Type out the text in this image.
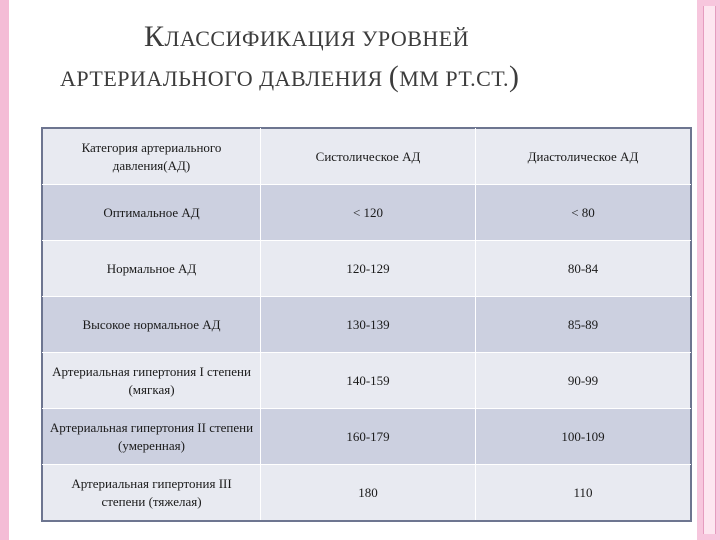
КЛАССИФИКАЦИЯ УРОВНЕЙ
АРТЕРИАЛЬНОГО ДАВЛЕНИЯ (ММ РТ.СТ.)
Категория артериального давления(АД)	Систолическое АД	Диастолическое АД
Оптимальное АД	< 120	< 80
Нормальное АД	120-129	80-84
Высокое нормальное АД	130-139	85-89
Артериальная гипертония I степени (мягкая)	140-159	90-99
Артериальная гипертония II степени (умеренная)	160-179	100-109
Артериальная гипертония III степени (тяжелая)	180	110
